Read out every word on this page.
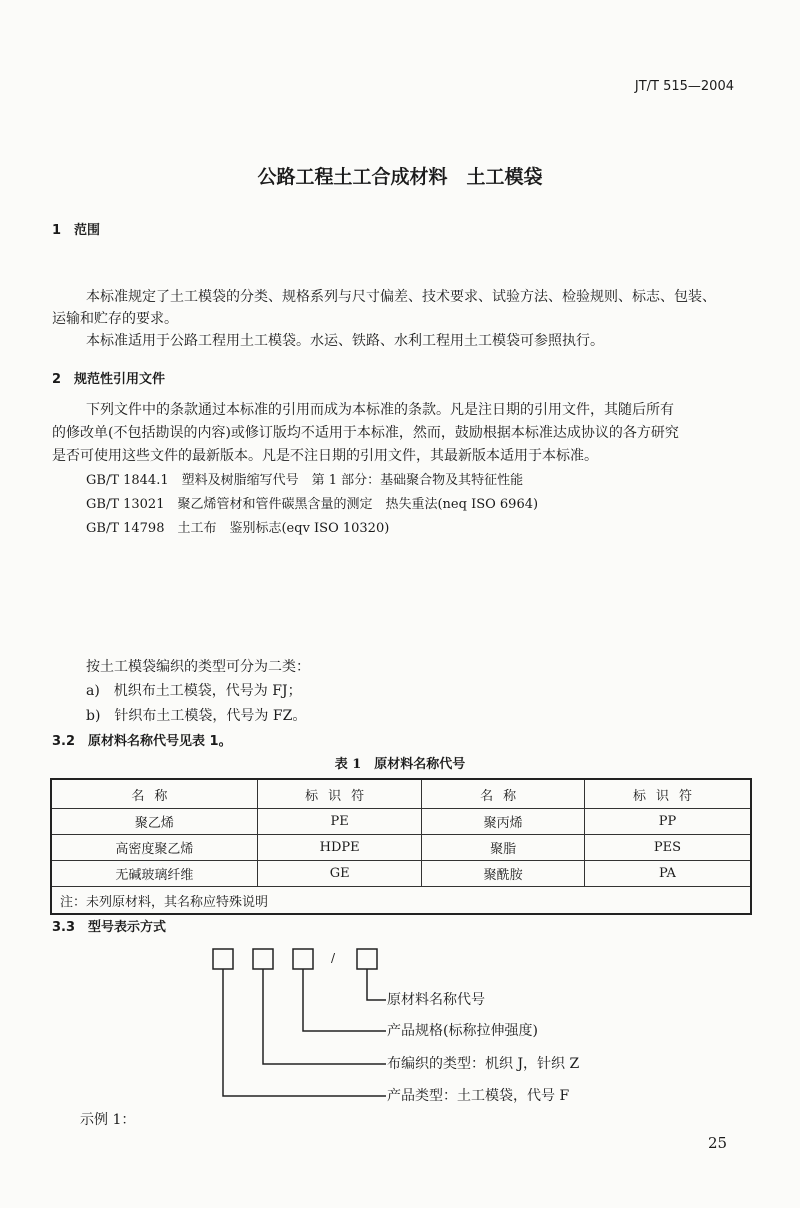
JT/T 515—2004
公路工程土工合成材料　土工模袋
1　范围
本标准规定了土工模袋的分类、规格系列与尺寸偏差、技术要求、试验方法、检验规则、标志、包装、
运输和贮存的要求。
本标准适用于公路工程用土工模袋。水运、铁路、水利工程用土工模袋可参照执行。
2　规范性引用文件
下列文件中的条款通过本标准的引用而成为本标准的条款。凡是注日期的引用文件，其随后所有
的修改单(不包括勘误的内容)或修订版均不适用于本标准，然而，鼓励根据本标准达成协议的各方研究
是否可使用这些文件的最新版本。凡是不注日期的引用文件，其最新版本适用于本标准。
GB/T 1844.1　塑料及树脂缩写代号　第 1 部分：基础聚合物及其特征性能
GB/T 13021　聚乙烯管材和管件碳黑含量的测定　热失重法(neq ISO 6964)
GB/T 14798　土工布　鉴别标志(eqv ISO 10320)
按土工模袋编织的类型可分为二类：
a)　机织布土工模袋，代号为 FJ；
b)　针织布土工模袋，代号为 FZ。
3.2　原材料名称代号见表 1。
表 1　原材料名称代号
名称	标识符	名称	标识符
聚乙烯	PE	聚丙烯	PP
高密度聚乙烯	HDPE	聚脂	PES
无碱玻璃纤维	GE	聚酰胺	PA
注：未列原材料，其名称应特殊说明			
3.3　型号表示方式
/
原材料名称代号
产品规格(标称拉伸强度)
布编织的类型：机织 J，针织 Z
产品类型：土工模袋，代号 F
示例 1：
25
